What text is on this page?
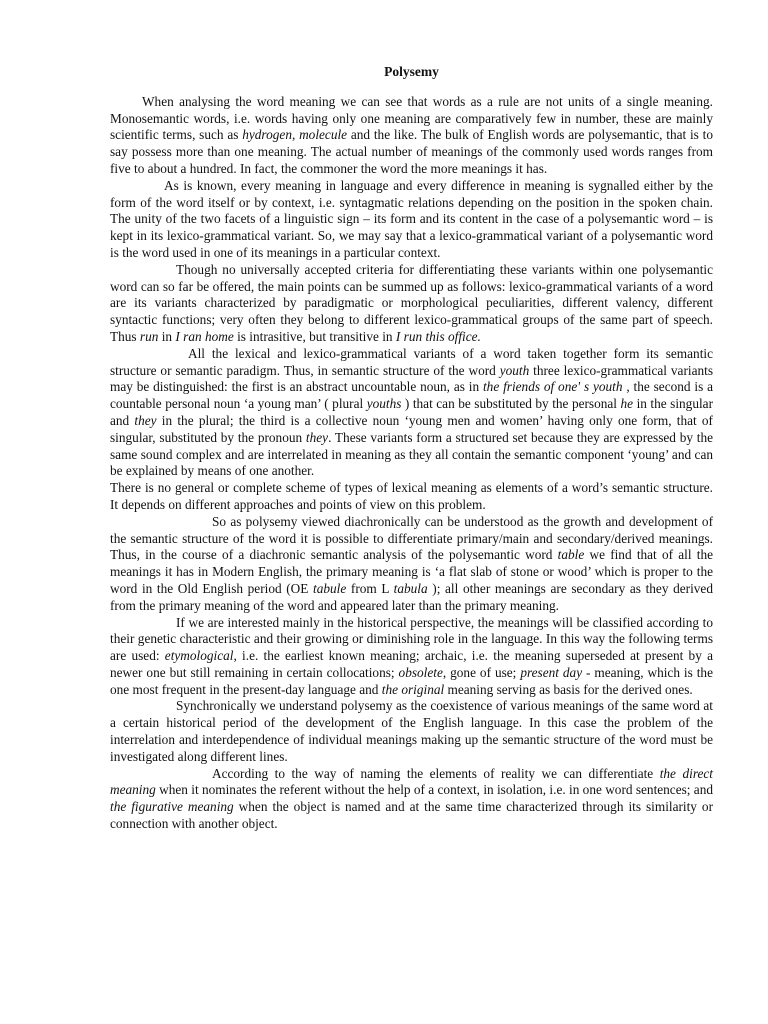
Polysemy

When analysing the word meaning we can see that words as a rule are not units of a single meaning. Monosemantic words, i.e. words having only one meaning are comparatively few in number, these are mainly scientific terms, such as hydrogen, molecule and the like. The bulk of English words are polysemantic, that is to say possess more than one meaning. The actual number of meanings of the commonly used words ranges from five to about a hundred. In fact, the commoner the word the more meanings it has.

As is known, every meaning in language and every difference in meaning is sygnalled either by the form of the word itself or by context, i.e. syntagmatic relations depending on the position in the spoken chain. The unity of the two facets of a linguistic sign – its form and its content in the case of a polysemantic word – is kept in its lexico-grammatical variant. So, we may say that a lexico-grammatical variant of a polysemantic word is the word used in one of its meanings in a particular context.

Though no universally accepted criteria for differentiating these variants within one polysemantic word can so far be offered, the main points can be summed up as follows: lexico-grammatical variants of a word are its variants characterized by paradigmatic or morphological peculiarities, different valency, different syntactic functions; very often they belong to different lexico-grammatical groups of the same part of speech. Thus run in I ran home is intrasitive, but transitive in I run this office.

All the lexical and lexico-grammatical variants of a word taken together form its semantic structure or semantic paradigm. Thus, in semantic structure of the word youth three lexico-grammatical variants may be distinguished: the first is an abstract uncountable noun, as in the friends of one' s youth , the second is a countable personal noun ‘a young man’ ( plural youths ) that can be substituted by the personal he in the singular and they in the plural; the third is a collective noun ‘young men and women’ having only one form, that of singular, substituted by the pronoun they. These variants form a structured set because they are expressed by the same sound complex and are interrelated in meaning as they all contain the semantic component ‘young’ and can be explained by means of one another.

There is no general or complete scheme of types of lexical meaning as elements of a word’s semantic structure. It depends on different approaches and points of view on this problem.

So as polysemy viewed diachronically can be understood as the growth and development of the semantic structure of the word it is possible to differentiate primary/main and secondary/derived meanings. Thus, in the course of a diachronic semantic analysis of the polysemantic word table we find that of all the meanings it has in Modern English, the primary meaning is ‘a flat slab of stone or wood’ which is proper to the word in the Old English period (OE tabule from L tabula ); all other meanings are secondary as they derived from the primary meaning of the word and appeared later than the primary meaning.

If we are interested mainly in the historical perspective, the meanings will be classified according to their genetic characteristic and their growing or diminishing role in the language. In this way the following terms are used: etymological, i.e. the earliest known meaning; archaic, i.e. the meaning superseded at present by a newer one but still remaining in certain collocations; obsolete, gone of use; present day - meaning, which is the one most frequent in the present-day language and the original meaning serving as basis for the derived ones.

Synchronically we understand polysemy as the coexistence of various meanings of the same word at a certain historical period of the development of the English language. In this case the problem of the interrelation and interdependence of individual meanings making up the semantic structure of the word must be investigated along different lines.

According to the way of naming the elements of reality we can differentiate the direct meaning when it nominates the referent without the help of a context, in isolation, i.e. in one word sentences; and the figurative meaning when the object is named and at the same time characterized through its similarity or connection with another object.
